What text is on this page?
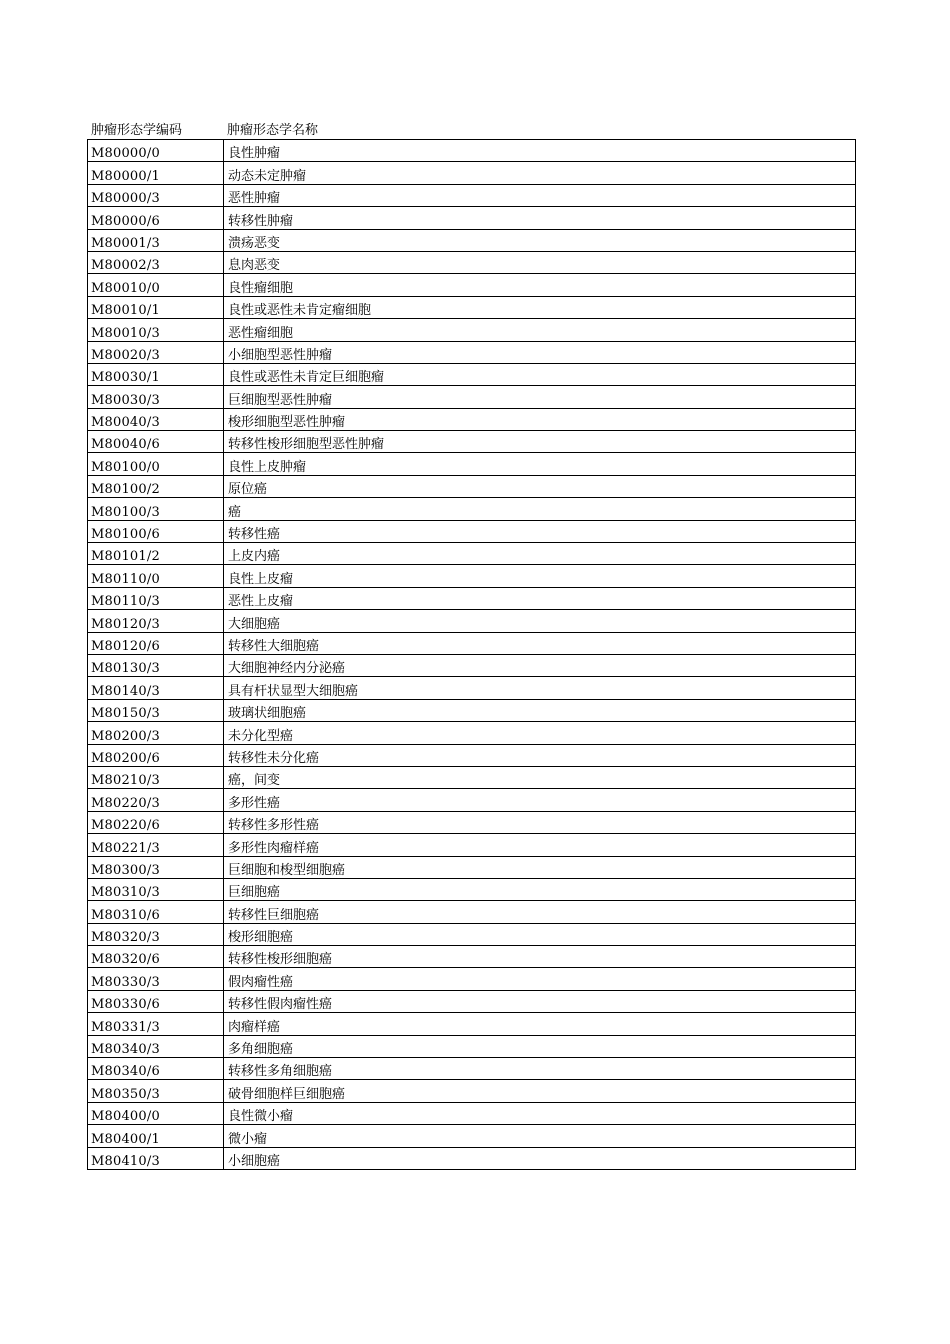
肿瘤形态学编码	肿瘤形态学名称
M80000/0	良性肿瘤
M80000/1	动态未定肿瘤
M80000/3	恶性肿瘤
M80000/6	转移性肿瘤
M80001/3	溃疡恶变
M80002/3	息肉恶变
M80010/0	良性瘤细胞
M80010/1	良性或恶性未肯定瘤细胞
M80010/3	恶性瘤细胞
M80020/3	小细胞型恶性肿瘤
M80030/1	良性或恶性未肯定巨细胞瘤
M80030/3	巨细胞型恶性肿瘤
M80040/3	梭形细胞型恶性肿瘤
M80040/6	转移性梭形细胞型恶性肿瘤
M80100/0	良性上皮肿瘤
M80100/2	原位癌
M80100/3	癌
M80100/6	转移性癌
M80101/2	上皮内癌
M80110/0	良性上皮瘤
M80110/3	恶性上皮瘤
M80120/3	大细胞癌
M80120/6	转移性大细胞癌
M80130/3	大细胞神经内分泌癌
M80140/3	具有杆状显型大细胞癌
M80150/3	玻璃状细胞癌
M80200/3	未分化型癌
M80200/6	转移性未分化癌
M80210/3	癌，间变
M80220/3	多形性癌
M80220/6	转移性多形性癌
M80221/3	多形性肉瘤样癌
M80300/3	巨细胞和梭型细胞癌
M80310/3	巨细胞癌
M80310/6	转移性巨细胞癌
M80320/3	梭形细胞癌
M80320/6	转移性梭形细胞癌
M80330/3	假肉瘤性癌
M80330/6	转移性假肉瘤性癌
M80331/3	肉瘤样癌
M80340/3	多角细胞癌
M80340/6	转移性多角细胞癌
M80350/3	破骨细胞样巨细胞癌
M80400/0	良性微小瘤
M80400/1	微小瘤
M80410/3	小细胞癌
